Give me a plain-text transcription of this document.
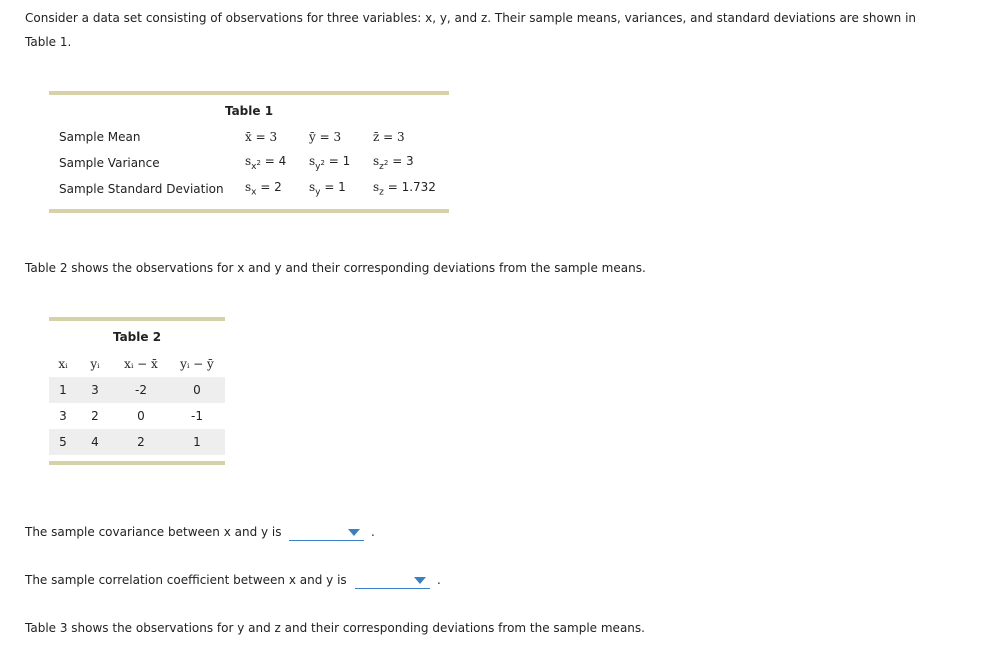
Consider a data set consisting of observations for three variables: x, y, and z. Their sample means, variances, and standard deviations are shown in

Table 1.

Table 1
Sample Mean	x̄ = 3	ȳ = 3	z̄ = 3
Sample Variance	$s_{x^2} = 4$	$s_{y^2} = 1$	$s_{z^2} = 3$
Sample Standard Deviation	$s_x = 2$	$s_y = 1$	$s_z = 1.732$

Table 2 shows the observations for x and y and their corresponding deviations from the sample means.

Table 2
xᵢ	yᵢ	xᵢ − x̄	yᵢ − ȳ
1	3	-2	0
3	2	0	-1
5	4	2	1

The sample covariance between x and y is	.

The sample correlation coefficient between x and y is	.

Table 3 shows the observations for y and z and their corresponding deviations from the sample means.
